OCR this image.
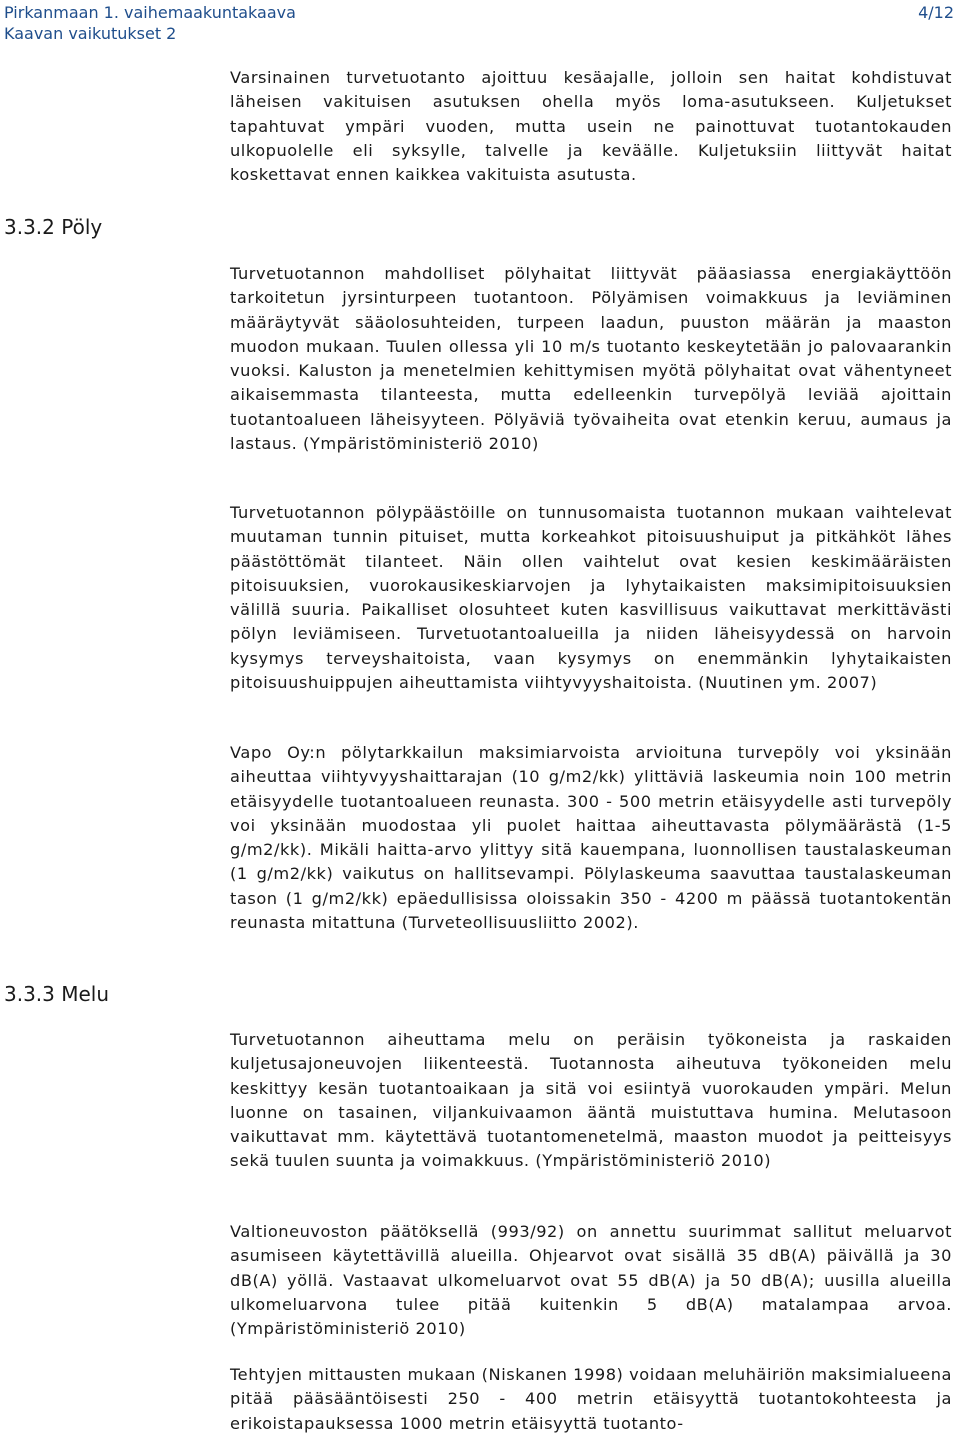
Pirkanmaan 1. vaihemaakuntakaava
Kaavan vaikutukset 2
4/12

Varsinainen turvetuotanto ajoittuu kesäajalle, jolloin sen haitat kohdistuvat läheisen vakituisen asutuksen ohella myös loma-asutukseen. Kuljetukset tapahtuvat ympäri vuoden, mutta usein ne painottuvat tuotantokauden ulkopuolelle eli syksylle, talvelle ja keväälle. Kuljetuksiin liittyvät haitat koskettavat ennen kaikkea vakituista asutusta.

3.3.2 Pöly

Turvetuotannon mahdolliset pölyhaitat liittyvät pääasiassa energiakäyttöön tarkoitetun jyrsinturpeen tuotantoon. Pölyämisen voimakkuus ja leviäminen määräytyvät sääolosuhteiden, turpeen laadun, puuston määrän ja maaston muodon mukaan. Tuulen ollessa yli 10 m/s tuotanto keskeytetään jo palovaarankin vuoksi. Kaluston ja menetelmien kehittymisen myötä pölyhaitat ovat vähentyneet aikaisemmasta tilanteesta, mutta edelleenkin turvepölyä leviää ajoittain tuotantoalueen läheisyyteen. Pölyäviä työvaiheita ovat etenkin keruu, aumaus ja lastaus. (Ympäristöministeriö 2010)

Turvetuotannon pölypäästöille on tunnusomaista tuotannon mukaan vaihtelevat muutaman tunnin pituiset, mutta korkeahkot pitoisuushuiput ja pitkähköt lähes päästöttömät tilanteet. Näin ollen vaihtelut ovat kesien keskimääräisten pitoisuuksien, vuorokausikeskiarvojen ja lyhytaikaisten maksimipitoisuuksien välillä suuria. Paikalliset olosuhteet kuten kasvillisuus vaikuttavat merkittävästi pölyn leviämiseen. Turvetuotantoalueilla ja niiden läheisyydessä on harvoin kysymys terveyshaitoista, vaan kysymys on enemmänkin lyhytaikaisten pitoisuushuippujen aiheuttamista viihtyvyyshaitoista. (Nuutinen ym. 2007)

Vapo Oy:n pölytarkkailun maksimiarvoista arvioituna turvepöly voi yksinään aiheuttaa viihtyvyyshaittarajan (10 g/m2/kk) ylittäviä laskeumia noin 100 metrin etäisyydelle tuotantoalueen reunasta. 300 - 500 metrin etäisyydelle asti turvepöly voi yksinään muodostaa yli puolet haittaa aiheuttavasta pölymäärästä (1-5 g/m2/kk). Mikäli haitta-arvo ylittyy sitä kauempana, luonnollisen taustalaskeuman (1 g/m2/kk) vaikutus on hallitsevampi. Pölylaskeuma saavuttaa taustalaskeuman tason (1 g/m2/kk) epäedullisissa oloissakin 350 - 4200 m päässä tuotantokentän reunasta mitattuna (Turveteollisuusliitto 2002).

3.3.3 Melu

Turvetuotannon aiheuttama melu on peräisin työkoneista ja raskaiden kuljetusajoneuvojen liikenteestä. Tuotannosta aiheutuva työkoneiden melu keskittyy kesän tuotantoaikaan ja sitä voi esiintyä vuorokauden ympäri. Melun luonne on tasainen, viljankuivaamon ääntä muistuttava humina. Melutasoon vaikuttavat mm. käytettävä tuotantomenetelmä, maaston muodot ja peitteisyys sekä tuulen suunta ja voimakkuus. (Ympäristöministeriö 2010)

Valtioneuvoston päätöksellä (993/92) on annettu suurimmat sallitut meluarvot asumiseen käytettävillä alueilla. Ohjearvot ovat sisällä 35 dB(A) päivällä ja 30 dB(A) yöllä. Vastaavat ulkomeluarvot ovat 55 dB(A) ja 50 dB(A); uusilla alueilla ulkomeluarvona tulee pitää kuitenkin 5 dB(A) matalampaa arvoa. (Ympäristöministeriö 2010)

Tehtyjen mittausten mukaan (Niskanen 1998) voidaan meluhäiriön maksimialueena pitää pääsääntöisesti 250 - 400 metrin etäisyyttä tuotantokohteesta ja erikoistapauksessa 1000 metrin etäisyyttä tuotanto-
